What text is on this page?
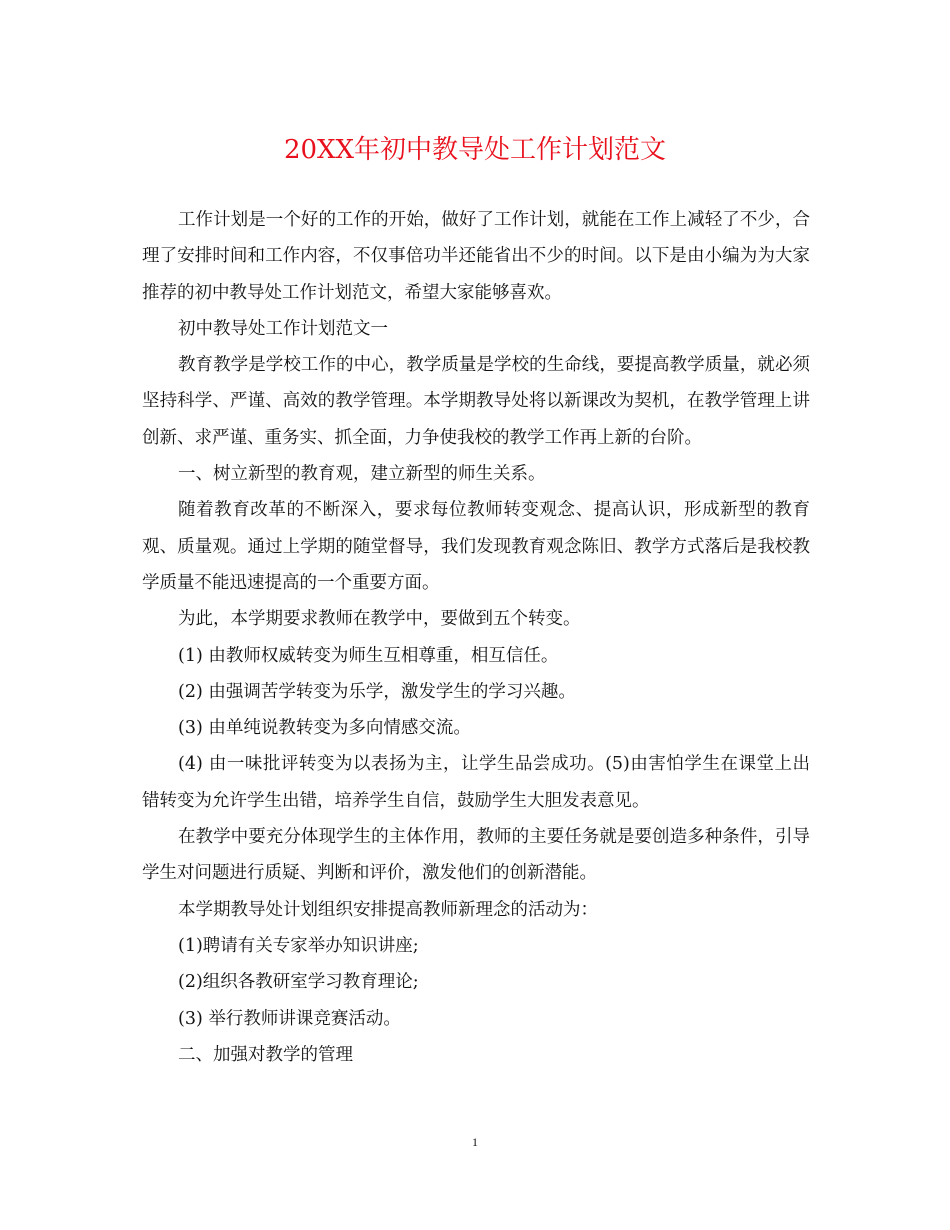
20XX年初中教导处工作计划范文

工作计划是一个好的工作的开始，做好了工作计划，就能在工作上减轻了不少，合理了安排时间和工作内容，不仅事倍功半还能省出不少的时间。以下是由小编为为大家推荐的初中教导处工作计划范文，希望大家能够喜欢。

初中教导处工作计划范文一

教育教学是学校工作的中心，教学质量是学校的生命线，要提高教学质量，就必须坚持科学、严谨、高效的教学管理。本学期教导处将以新课改为契机，在教学管理上讲创新、求严谨、重务实、抓全面，力争使我校的教学工作再上新的台阶。

一、树立新型的教育观，建立新型的师生关系。

随着教育改革的不断深入，要求每位教师转变观念、提高认识，形成新型的教育观、质量观。通过上学期的随堂督导，我们发现教育观念陈旧、教学方式落后是我校教学质量不能迅速提高的一个重要方面。

为此，本学期要求教师在教学中，要做到五个转变。

(1) 由教师权威转变为师生互相尊重，相互信任。

(2) 由强调苦学转变为乐学，激发学生的学习兴趣。

(3) 由单纯说教转变为多向情感交流。

(4) 由一味批评转变为以表扬为主，让学生品尝成功。(5)由害怕学生在课堂上出错转变为允许学生出错，培养学生自信，鼓励学生大胆发表意见。

在教学中要充分体现学生的主体作用，教师的主要任务就是要创造多种条件，引导学生对问题进行质疑、判断和评价，激发他们的创新潜能。

本学期教导处计划组织安排提高教师新理念的活动为：

(1)聘请有关专家举办知识讲座;

(2)组织各教研室学习教育理论;

(3) 举行教师讲课竞赛活动。

二、加强对教学的管理

1
